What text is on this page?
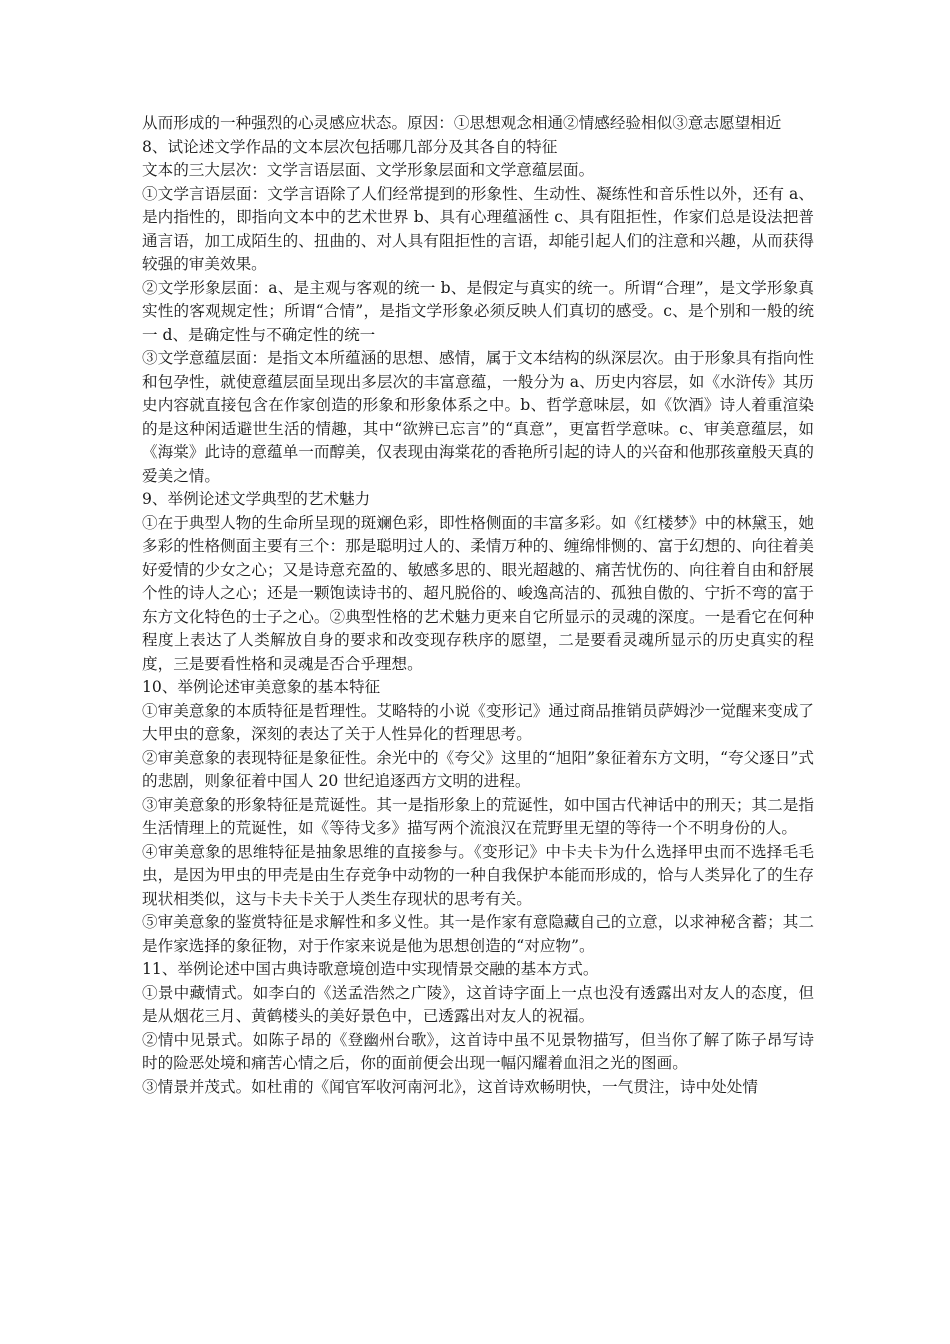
从而形成的一种强烈的心灵感应状态。原因：①思想观念相通②情感经验相似③意志愿望相近

8、试论述文学作品的文本层次包括哪几部分及其各自的特征

文本的三大层次：文学言语层面、文学形象层面和文学意蕴层面。

①文学言语层面：文学言语除了人们经常提到的形象性、生动性、凝练性和音乐性以外，还有 a、是内指性的，即指向文本中的艺术世界 b、具有心理蕴涵性 c、具有阻拒性，作家们总是设法把普通言语，加工成陌生的、扭曲的、对人具有阻拒性的言语，却能引起人们的注意和兴趣，从而获得较强的审美效果。

②文学形象层面：a、是主观与客观的统一 b、是假定与真实的统一。所谓“合理”，是文学形象真实性的客观规定性；所谓“合情”，是指文学形象必须反映人们真切的感受。c、是个别和一般的统一 d、是确定性与不确定性的统一

③文学意蕴层面：是指文本所蕴涵的思想、感情，属于文本结构的纵深层次。由于形象具有指向性和包孕性，就使意蕴层面呈现出多层次的丰富意蕴，一般分为 a、历史内容层，如《水浒传》其历史内容就直接包含在作家创造的形象和形象体系之中。b、哲学意味层，如《饮酒》诗人着重渲染的是这种闲适避世生活的情趣，其中“欲辨已忘言”的“真意”，更富哲学意味。c、审美意蕴层，如《海棠》此诗的意蕴单一而醇美，仅表现由海棠花的香艳所引起的诗人的兴奋和他那孩童般天真的爱美之情。

9、举例论述文学典型的艺术魅力

①在于典型人物的生命所呈现的斑斓色彩，即性格侧面的丰富多彩。如《红楼梦》中的林黛玉，她多彩的性格侧面主要有三个：那是聪明过人的、柔情万种的、缠绵悱恻的、富于幻想的、向往着美好爱情的少女之心；又是诗意充盈的、敏感多思的、眼光超越的、痛苦忧伤的、向往着自由和舒展个性的诗人之心；还是一颗饱读诗书的、超凡脱俗的、峻逸高洁的、孤独自傲的、宁折不弯的富于东方文化特色的士子之心。②典型性格的艺术魅力更来自它所显示的灵魂的深度。一是看它在何种程度上表达了人类解放自身的要求和改变现存秩序的愿望，二是要看灵魂所显示的历史真实的程度，三是要看性格和灵魂是否合乎理想。

10、举例论述审美意象的基本特征

①审美意象的本质特征是哲理性。艾略特的小说《变形记》通过商品推销员萨姆沙一觉醒来变成了大甲虫的意象，深刻的表达了关于人性异化的哲理思考。

②审美意象的表现特征是象征性。余光中的《夸父》这里的“旭阳”象征着东方文明，“夸父逐日”式的悲剧，则象征着中国人 20 世纪追逐西方文明的进程。

③审美意象的形象特征是荒诞性。其一是指形象上的荒诞性，如中国古代神话中的刑天；其二是指生活情理上的荒诞性，如《等待戈多》描写两个流浪汉在荒野里无望的等待一个不明身份的人。

④审美意象的思维特征是抽象思维的直接参与。《变形记》中卡夫卡为什么选择甲虫而不选择毛毛虫，是因为甲虫的甲壳是由生存竞争中动物的一种自我保护本能而形成的，恰与人类异化了的生存现状相类似，这与卡夫卡关于人类生存现状的思考有关。

⑤审美意象的鉴赏特征是求解性和多义性。其一是作家有意隐藏自己的立意，以求神秘含蓄；其二是作家选择的象征物，对于作家来说是他为思想创造的“对应物”。

11、举例论述中国古典诗歌意境创造中实现情景交融的基本方式。

①景中藏情式。如李白的《送孟浩然之广陵》，这首诗字面上一点也没有透露出对友人的态度，但是从烟花三月、黄鹤楼头的美好景色中，已透露出对友人的祝福。

②情中见景式。如陈子昂的《登幽州台歌》，这首诗中虽不见景物描写，但当你了解了陈子昂写诗时的险恶处境和痛苦心情之后，你的面前便会出现一幅闪耀着血泪之光的图画。

③情景并茂式。如杜甫的《闻官军收河南河北》，这首诗欢畅明快，一气贯注，诗中处处情
